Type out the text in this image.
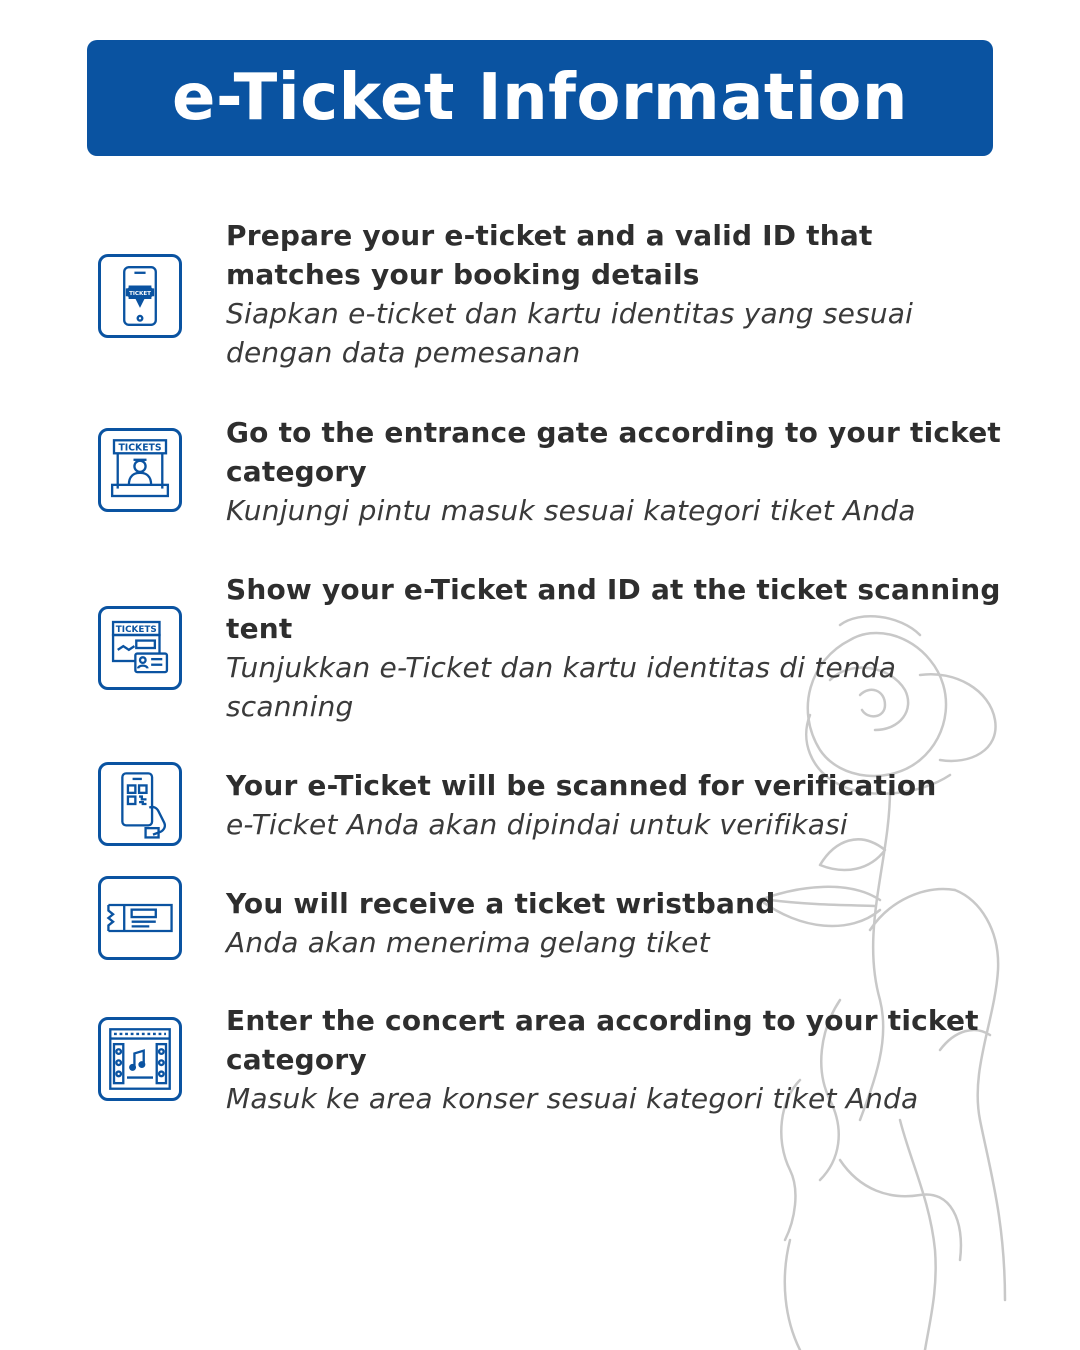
e-Ticket Information
TICKET

Prepare your e-ticket and a valid ID that matches your booking details

Siapkan e-ticket dan kartu identitas yang sesuai dengan data pemesanan

TICKETS Go to the entrance gate according to your ticket category

Kunjungi pintu masuk sesuai kategori tiket Anda

TICKETS

Show your e-Ticket and ID at the ticket scanning tent

Tunjukkan e-Ticket dan kartu identitas di tenda scanning

Your e-Ticket will be scanned for verification

e-Ticket Anda akan dipindai untuk verifikasi

You will receive a ticket wristband

Anda akan menerima gelang tiket

Enter the concert area according to your ticket category

Masuk ke area konser sesuai kategori tiket Anda
